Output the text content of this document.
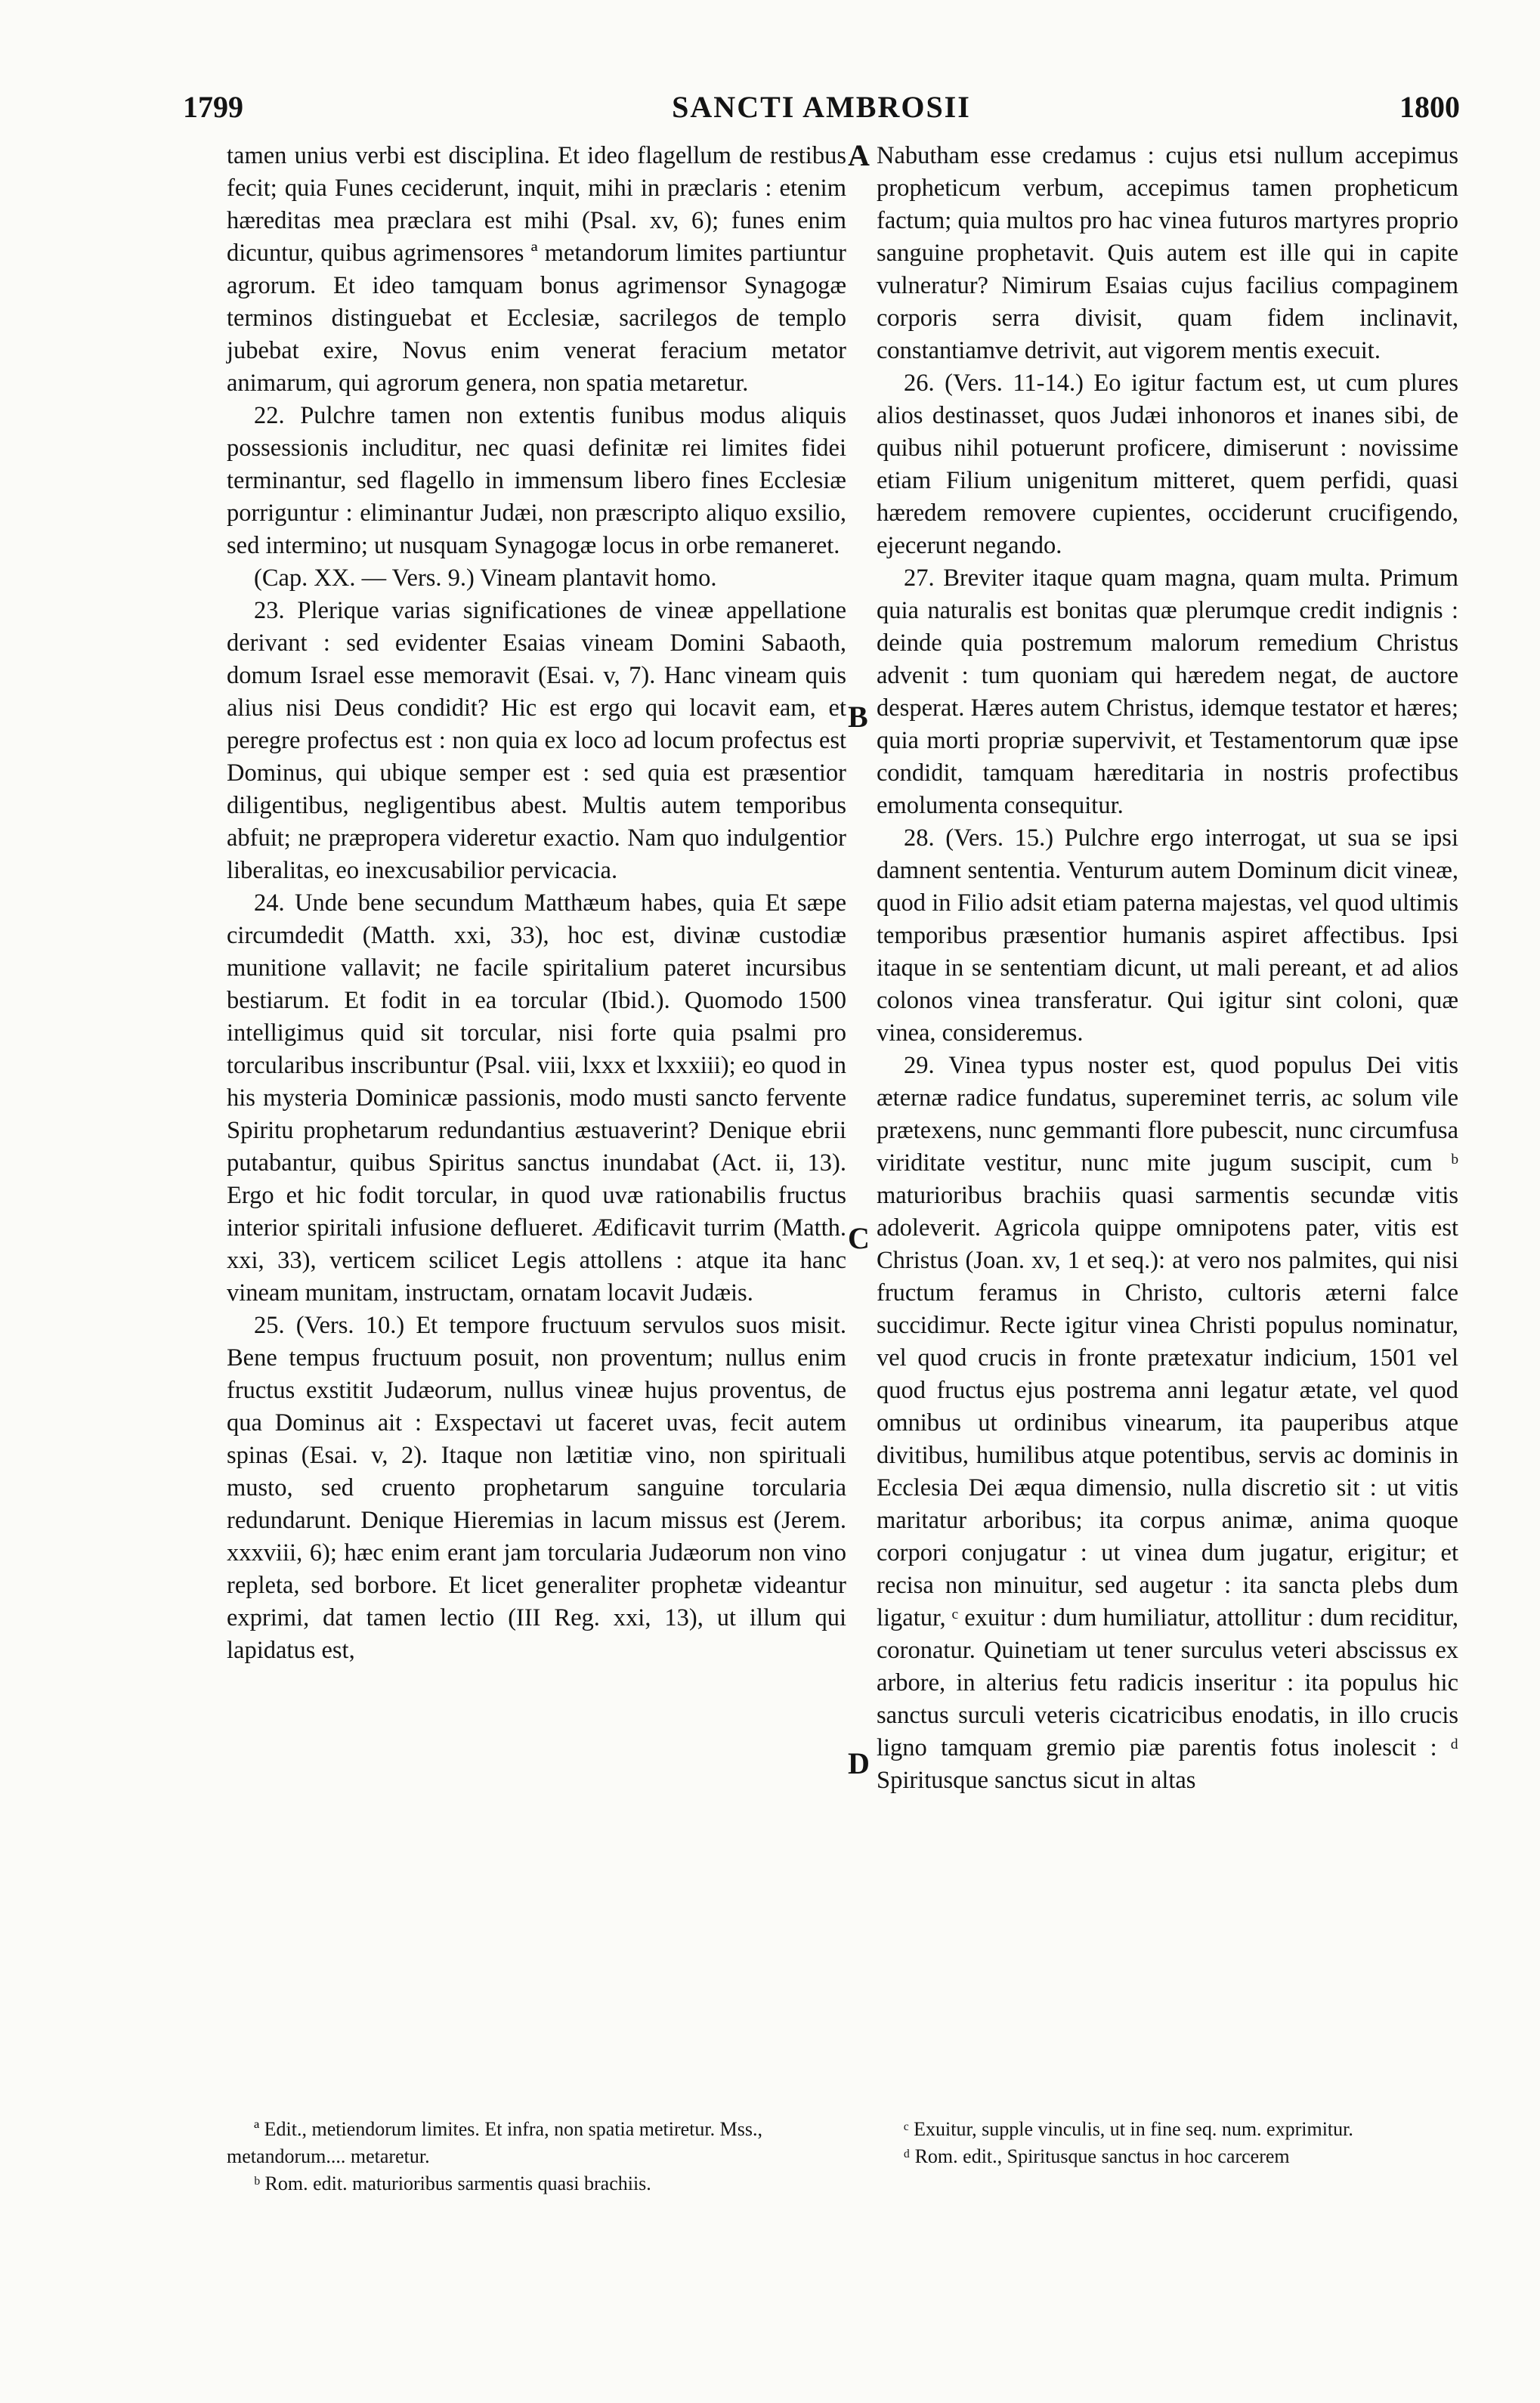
1799	SANCTI AMBROSII	1800

tamen unius verbi est disciplina. Et ideo flagellum de restibus fecit; quia Funes ceciderunt, inquit, mihi in præclaris : etenim hæreditas mea præclara est mihi (Psal. xv, 6); funes enim dicuntur, quibus agrimensores ª metandorum limites partiuntur agrorum. Et ideo tamquam bonus agrimensor Synagogæ terminos distinguebat et Ecclesiæ, sacrilegos de templo jubebat exire, Novus enim venerat feracium metator animarum, qui agrorum genera, non spatia metaretur.

22. Pulchre tamen non extentis funibus modus aliquis possessionis includitur, nec quasi definitæ rei limites fidei terminantur, sed flagello in immensum libero fines Ecclesiæ porriguntur : eliminantur Judæi, non præscripto aliquo exsilio, sed interminο; ut nusquam Synagogæ locus in orbe remaneret.

(Cap. XX. — Vers. 9.) Vineam plantavit homo.

23. Plerique varias significationes de vineæ appellatione derivant : sed evidenter Esaias vineam Domini Sabaoth, domum Israel esse memoravit (Esai. v, 7). Hanc vineam quis alius nisi Deus condidit? Hic est ergo qui locavit eam, et peregre profectus est : non quia ex loco ad locum profectus est Dominus, qui ubique semper est : sed quia est præsentior diligentibus, negligentibus abest. Multis autem temporibus abfuit; ne præpropera videretur exactio. Nam quo indulgentior liberalitas, eo inexcusabilior pervicacia.

24. Unde bene secundum Matthæum habes, quia Et sæpe circumdedit (Matth. xxi, 33), hoc est, divinæ custodiæ munitione vallavit; ne facile spiritalium pateret incursibus bestiarum. Et fodit in ea torcular (Ibid.). Quomodo 1500 intelligimus quid sit torcular, nisi forte quia psalmi pro torcularibus inscribuntur (Psal. viii, lxxx et lxxxiii); eo quod in his mysteria Dominicæ passionis, modo musti sancto fervente Spiritu prophetarum redundantius æstuaverint? Denique ebrii putabantur, quibus Spiritus sanctus inundabat (Act. ii, 13). Ergo et hic fodit torcular, in quod uvæ rationabilis fructus interior spiritali infusione deflueret. Ædificavit turrim (Matth. xxi, 33), verticem scilicet Legis attollens : atque ita hanc vineam munitam, instructam, ornatam locavit Judæis.

25. (Vers. 10.) Et tempore fructuum servulos suos misit. Bene tempus fructuum posuit, non proventum; nullus enim fructus exstitit Judæorum, nullus vineæ hujus proventus, de qua Dominus ait : Exspectavi ut faceret uvas, fecit autem spinas (Esai. v, 2). Itaque non lætitiæ vino, non spirituali musto, sed cruento prophetarum sanguine torcularia redundarunt. Denique Hieremias in lacum missus est (Jerem. xxxviii, 6); hæc enim erant jam torcularia Judæorum non vino repleta, sed borbore. Et licet generaliter prophetæ videantur exprimi, dat tamen lectio (III Reg. xxi, 13), ut illum qui lapidatus est,

Nabutham esse credamus : cujus etsi nullum accepimus propheticum verbum, accepimus tamen propheticum factum; quia multos pro hac vinea futuros martyres proprio sanguine prophetavit. Quis autem est ille qui in capite vulneratur? Nimirum Esaias cujus facilius compaginem corporis serra divisit, quam fidem inclinavit, constantiamve detrivit, aut vigorem mentis execuit.

26. (Vers. 11-14.) Eo igitur factum est, ut cum plures alios destinasset, quos Judæi inhonoros et inanes sibi, de quibus nihil potuerunt proficere, dimiserunt : novissime etiam Filium unigenitum mitteret, quem perfidi, quasi hæredem removere cupientes, occiderunt crucifigendo, ejecerunt negando.

27. Breviter itaque quam magna, quam multa. Primum quia naturalis est bonitas quæ plerumque credit indignis : deinde quia postremum malorum remedium Christus advenit : tum quoniam qui hæredem negat, de auctore desperat. Hæres autem Christus, idemque testator et hæres; quia morti propriæ supervivit, et Testamentorum quæ ipse condidit, tamquam hæreditaria in nostris profectibus emolumenta consequitur.

28. (Vers. 15.) Pulchre ergo interrogat, ut sua se ipsi damnent sententia. Venturum autem Dominum dicit vineæ, quod in Filio adsit etiam paterna majestas, vel quod ultimis temporibus præsentior humanis aspiret affectibus. Ipsi itaque in se sententiam dicunt, ut mali pereant, et ad alios colonos vinea transferatur. Qui igitur sint coloni, quæ vinea, consideremus.

29. Vinea typus noster est, quod populus Dei vitis æternæ radice fundatus, supereminet terris, ac solum vile prætexens, nunc gemmanti flore pubescit, nunc circumfusa viriditate vestitur, nunc mite jugum suscipit, cum ᵇ maturioribus brachiis quasi sarmentis secundæ vitis adoleverit. Agricola quippe omnipotens pater, vitis est Christus (Joan. xv, 1 et seq.): at vero nos palmites, qui nisi fructum feramus in Christo, cultoris æterni falce succidimur. Recte igitur vinea Christi populus nominatur, vel quod crucis in fronte prætexatur indicium, 1501 vel quod fructus ejus postrema anni legatur ætate, vel quod omnibus ut ordinibus vinearum, ita pauperibus atque divitibus, humilibus atque potentibus, servis ac dominis in Ecclesia Dei æqua dimensio, nulla discretio sit : ut vitis maritatur arboribus; ita corpus animæ, anima quoque corpori conjugatur : ut vinea dum jugatur, erigitur; et recisa non minuitur, sed augetur : ita sancta plebs dum ligatur, ᶜ exuitur : dum humiliatur, attollitur : dum reciditur, coronatur. Quinetiam ut tener surculus veteri abscissus ex arbore, in alterius fetu radicis inseritur : ita populus hic sanctus surculi veteris cicatricibus enodatis, in illo crucis ligno tamquam gremio piæ parentis fotus inolescit : ᵈ Spiritusque sanctus sicut in altas

A
B
C
D

ª Edit., metiendorum limites. Et infra, non spatia metiretur. Mss., metandorum.... metaretur.

ᵇ Rom. edit. maturioribus sarmentis quasi brachiis.

ᶜ Exuitur, supple vinculis, ut in fine seq. num. exprimitur.

ᵈ Rom. edit., Spiritusque sanctus in hoc carcerem
